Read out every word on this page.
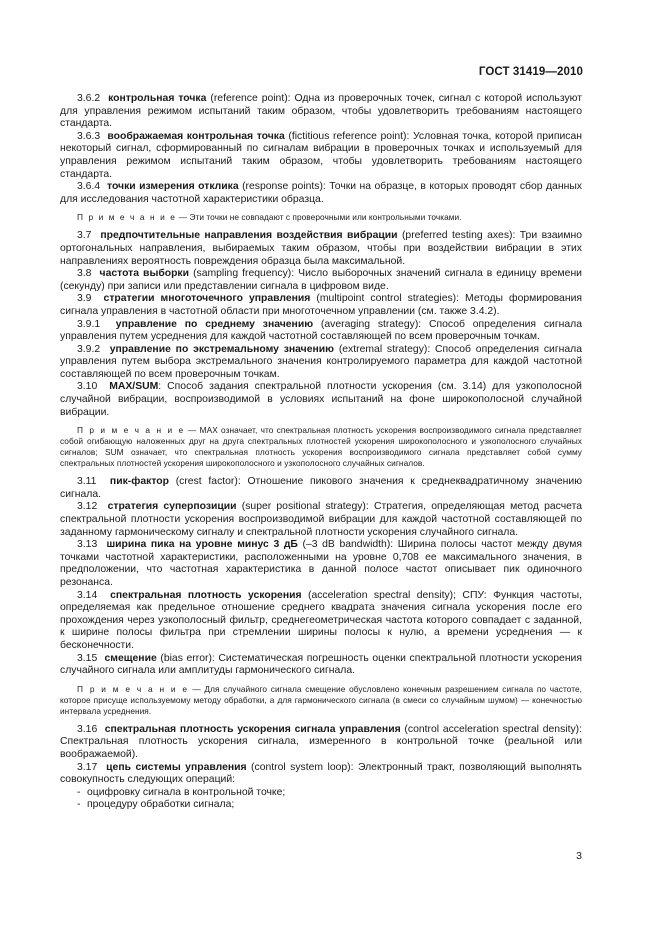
ГОСТ 31419—2010

3.6.2 контрольная точка (reference point): Одна из проверочных точек, сигнал с которой используют для управления режимом испытаний таким образом, чтобы удовлетворить требованиям настоящего стандарта.

3.6.3 воображаемая контрольная точка (fictitious reference point): Условная точка, которой приписан некоторый сигнал, сформированный по сигналам вибрации в проверочных точках и используемый для управления режимом испытаний таким образом, чтобы удовлетворить требованиям настоящего стандарта.

3.6.4 точки измерения отклика (response points): Точки на образце, в которых проводят сбор данных для исследования частотной характеристики образца.

П р и м е ч а н и е — Эти точки не совпадают с проверочными или контрольными точками.

3.7 предпочтительные направления воздействия вибрации (preferred testing axes): Три взаимно ортогональных направления, выбираемых таким образом, чтобы при воздействии вибрации в этих направлениях вероятность повреждения образца была максимальной.

3.8 частота выборки (sampling frequency): Число выборочных значений сигнала в единицу времени (секунду) при записи или представлении сигнала в цифровом виде.

3.9 стратегии многоточечного управления (multipoint control strategies): Методы формирования сигнала управления в частотной области при многоточечном управлении (см. также 3.4.2).

3.9.1 управление по среднему значению (averaging strategy): Способ определения сигнала управления путем усреднения для каждой частотной составляющей по всем проверочным точкам.

3.9.2 управление по экстремальному значению (extremal strategy): Способ определения сигнала управления путем выбора экстремального значения контролируемого параметра для каждой частотной составляющей по всем проверочным точкам.

3.10 MAX/SUM: Способ задания спектральной плотности ускорения (см. 3.14) для узкополосной случайной вибрации, воспроизводимой в условиях испытаний на фоне широкополосной случайной вибрации.

П р и м е ч а н и е — MAX означает, что спектральная плотность ускорения воспроизводимого сигнала представляет собой огибающую наложенных друг на друга спектральных плотностей ускорения широкополосного и узкополосного случайных сигналов; SUM означает, что спектральная плотность ускорения воспроизводимого сигнала представляет собой сумму спектральных плотностей ускорения широкополосного и узкополосного случайных сигналов.

3.11 пик-фактор (crest factor): Отношение пикового значения к среднеквадратичному значению сигнала.

3.12 стратегия суперпозиции (super positional strategy): Стратегия, определяющая метод расчета спектральной плотности ускорения воспроизводимой вибрации для каждой частотной составляющей по заданному гармоническому сигналу и спектральной плотности ускорения случайного сигнала.

3.13 ширина пика на уровне минус 3 дБ (–3 dB bandwidth): Ширина полосы частот между двумя точками частотной характеристики, расположенными на уровне 0,708 ее максимального значения, в предположении, что частотная характеристика в данной полосе частот описывает пик одиночного резонанса.

3.14 спектральная плотность ускорения (acceleration spectral density); СПУ: Функция частоты, определяемая как предельное отношение среднего квадрата значения сигнала ускорения после его прохождения через узкополосный фильтр, среднегеометрическая частота которого совпадает с заданной, к ширине полосы фильтра при стремлении ширины полосы к нулю, а времени усреднения — к бесконечности.

3.15 смещение (bias error): Систематическая погрешность оценки спектральной плотности ускорения случайного сигнала или амплитуды гармонического сигнала.

П р и м е ч а н и е — Для случайного сигнала смещение обусловлено конечным разрешением сигнала по частоте, которое присуще используемому методу обработки, а для гармонического сигнала (в смеси со случайным шумом) — конечностью интервала усреднения.

3.16 спектральная плотность ускорения сигнала управления (control acceleration spectral density): Спектральная плотность ускорения сигнала, измеренного в контрольной точке (реальной или воображаемой).

3.17 цепь системы управления (control system loop): Электронный тракт, позволяющий выполнять совокупность следующих операций:

- оцифровку сигнала в контрольной точке;
- процедуру обработки сигнала;
3
